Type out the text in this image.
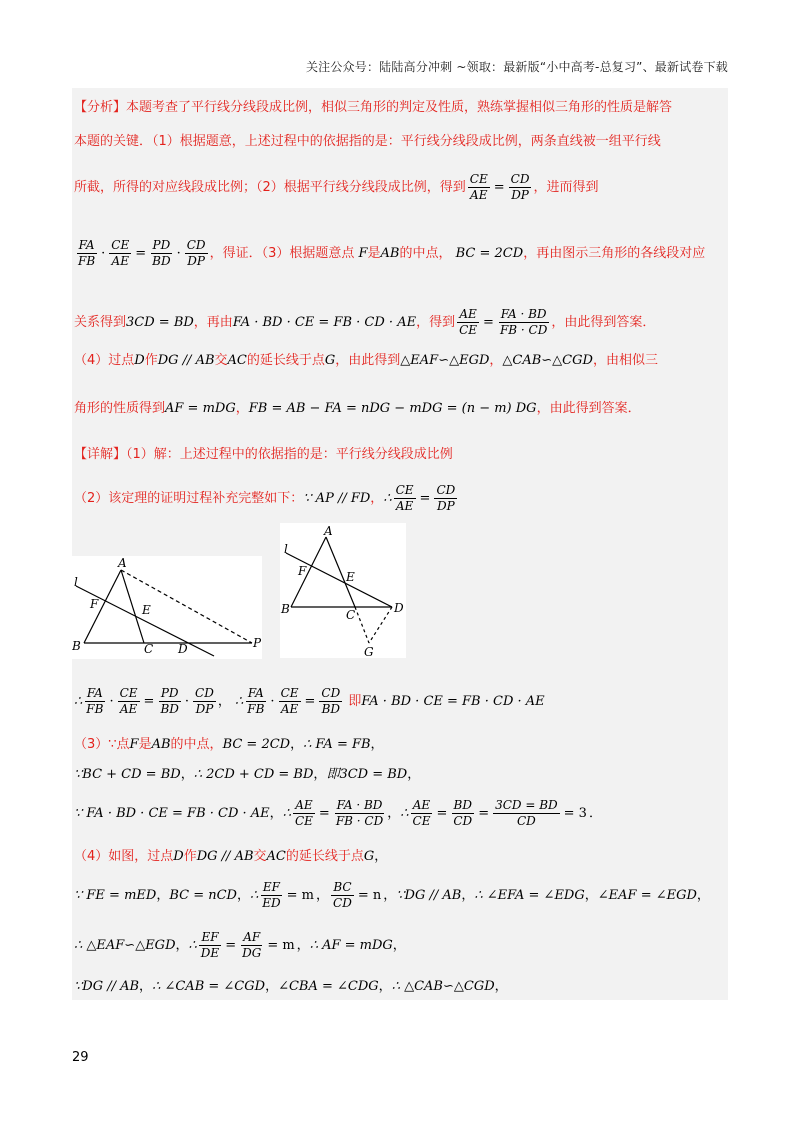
关注公众号：陆陆高分冲刺 ~领取：最新版“小中高考-总复习”、最新试卷下载
【分析】本题考查了平行线分线段成比例，相似三角形的判定及性质，熟练掌握相似三角形的性质是解答
本题的关键．（1）根据题意，上述过程中的依据指的是：平行线分线段成比例，两条直线被一组平行线
所截，所得的对应线段成比例；（2）根据平行线分线段成比例，得到 $\frac{CE}{AE} = \frac{CD}{DP}$ ，进而得到
$\frac{FA}{FB} \cdot \frac{CE}{AE} = \frac{PD}{BD} \cdot \frac{CD}{DP}$ ，得证．（3）根据题意点 F是AB的中点， BC = 2CD，再由图示三角形的各线段对应
关系得到3CD = BD，再由FA · BD · CE = FB · CD · AE，得到 $\frac{AE}{CE} = \frac{FA \cdot BD}{FB \cdot CD}$ ，由此得到答案．
（4）过点D作DG // AB交AC的延长线于点G，由此得到△EAF∽△EGD，△CAB∽△CGD，由相似三
角形的性质得到AF = mDG，FB = AB − FA = nDG − mDG = (n − m) DG，由此得到答案．
【详解】（1）解：上述过程中的依据指的是：平行线分线段成比例
（2）该定理的证明过程补充完整如下：∵ AP // FD，∴ $\frac{CE}{AE} = \frac{CD}{DP}$
A
l
F	E
B	C D	P
A
l
F	E
B	C	D
G
∴ $\frac{FA}{FB} \cdot \frac{CE}{AE} = \frac{PD}{BD} \cdot \frac{CD}{DP}$ ， ∴ $\frac{FA}{FB} \cdot \frac{CE}{AE} = \frac{CD}{BD}$ 即FA · BD · CE = FB · CD · AE
（3）∵点F是AB的中点，BC = 2CD，∴ FA = FB，
∵BC + CD = BD，∴ 2CD + CD = BD，即3CD = BD，
∵ FA · BD · CE = FB · CD · AE，∴ $\frac{AE}{CE} = \frac{FA \cdot BD}{FB \cdot CD}$ ，∴ $\frac{AE}{CE} = \frac{BD}{CD} = \frac{3CD = BD}{CD} = 3$ ．
（4）如图，过点D作DG // AB交AC的延长线于点G，
∵ FE = mED，BC = nCD，∴ $\frac{EF}{ED} = m$ ， $\frac{BC}{CD} = n$ ，∵DG // AB，∴ ∠EFA = ∠EDG，∠EAF = ∠EGD，
∴ △EAF∽△EGD，∴ $\frac{EF}{DE} = \frac{AF}{DG} = m$ ，∴ AF = mDG，
∵DG // AB，∴ ∠CAB = ∠CGD，∠CBA = ∠CDG，∴ △CAB∽△CGD，
29
